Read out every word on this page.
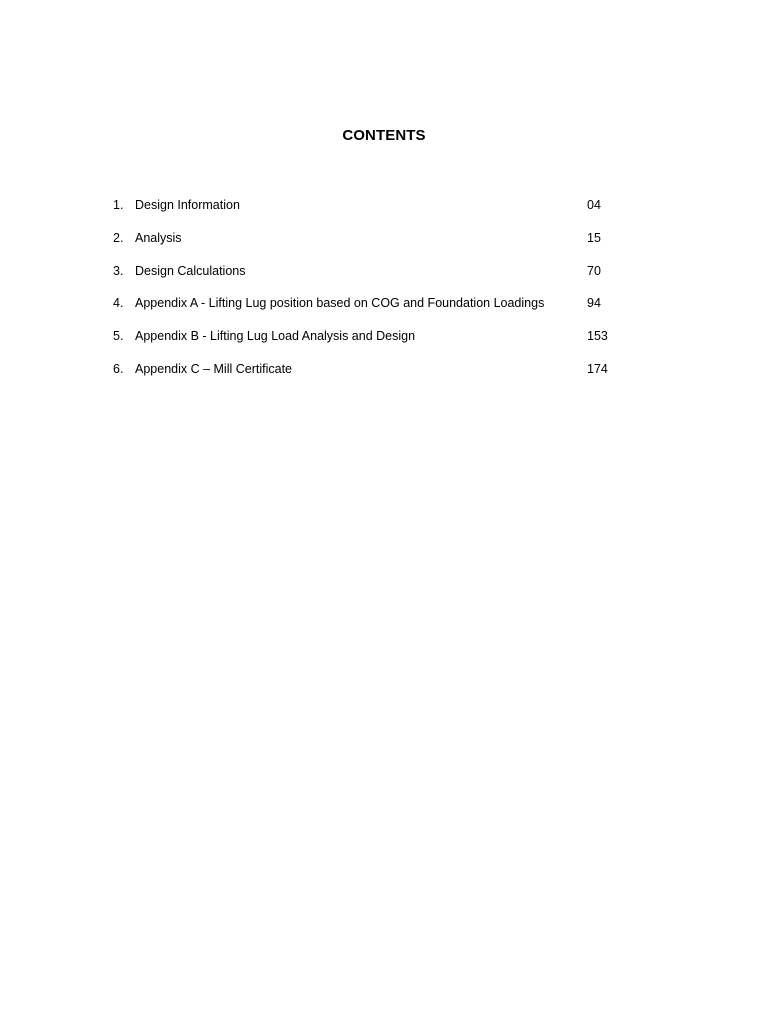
CONTENTS
1. Design Information	04
2. Analysis	15
3. Design Calculations	70
4. Appendix A - Lifting Lug position based on COG and Foundation Loadings	94
5. Appendix B - Lifting Lug Load Analysis and Design	153
6. Appendix C – Mill Certificate	174
